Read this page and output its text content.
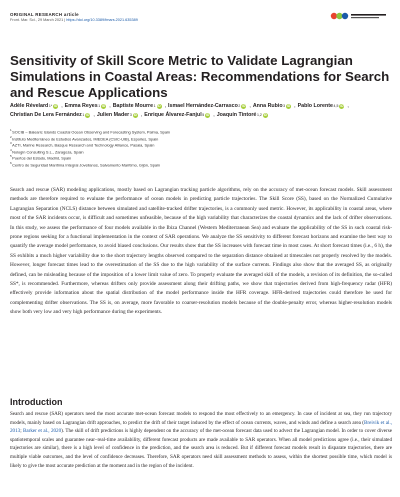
ORIGINAL RESEARCH article
Front. Mar. Sci., 29 March 2021 | https://doi.org/10.3389/fmars.2021.635389
Sensitivity of Skill Score Metric to Validate Lagrangian Simulations in Coastal Areas: Recommendations for Search and Rescue Applications
Adèle Révelard 1* iD , Emma Reyes 1 iD , Baptiste Mourre 1 iD , Ismael Hernández-Carrasco 2 iD , Anna Rubio 3 iD , Pablo Lorente 4,5 iD ,
Christian De Lera Fernández 1 iD , Julien Mader 3 iD , Enrique Álvarez-Fanjul 5 iD , Joaquín Tintoré 1,2 iD
$^1$SOCIB – Balearic Islands Coastal Ocean Observing and Forecasting System, Palma, Spain
$^2$Instituto Mediterráneo de Estudios Avanzados, IMEDEA (CSIC-UIB), Esporles, Spain
$^3$AZTI, Marine Research, Basque Research and Technology Alliance, Pasaia, Spain
$^4$Nologin Consulting S.L., Zaragoza, Spain
$^5$Puertos del Estado, Madrid, Spain
$^6$Centro de Seguridad Marítima Integral Jovellanos, Salvamento Marítimo, Gijón, Spain

Search and rescue (SAR) modeling applications, mostly based on Lagrangian tracking particle algorithms, rely on the accuracy of met-ocean forecast models. Skill assessment methods are therefore required to evaluate the performance of ocean models in predicting particle trajectories. The Skill Score (SS), based on the Normalized Cumulative Lagrangian Separation (NCLS) distance between simulated and satellite-tracked drifter trajectories, is a commonly used metric. However, its applicability in coastal areas, where most of the SAR incidents occur, is difficult and sometimes unfeasible, because of the high variability that characterizes the coastal dynamics and the lack of drifter observations. In this study, we assess the performance of four models available in the Ibiza Channel (Western Mediterranean Sea) and evaluate the applicability of the SS in such coastal risk-prone regions seeking for a functional implementation in the context of SAR operations. We analyze the SS sensitivity to different forecast horizons and examine the best way to quantify the average model performance, to avoid biased conclusions. Our results show that the SS increases with forecast time in most cases. At short forecast times (i.e., 6 h), the SS exhibits a much higher variability due to the short trajectory lengths observed compared to the separation distance obtained at timescales not properly resolved by the models. However, longer forecast times lead to the overestimation of the SS due to the high variability of the surface currents. Findings also show that the averaged SS, as originally defined, can be misleading because of the imposition of a lower limit value of zero. To properly evaluate the averaged skill of the models, a revision of its definition, the so-called SS*, is recommended. Furthermore, whereas drifters only provide assessment along their drifting paths, we show that trajectories derived from high-frequency radar (HFR) effectively provide information about the spatial distribution of the model performance inside the HFR coverage. HFR-derived trajectories could therefore be used for complementing drifter observations. The SS is, on average, more favorable to coarser-resolution models because of the double-penalty error, whereas higher-resolution models show both very low and very high performance during the experiments.

Introduction

Search and rescue (SAR) operators need the most accurate met-ocean forecast models to respond the most effectively to an emergency. In case of incident at sea, they run trajectory models, mainly based on Lagrangian drift approaches, to predict the drift of their target induced by the effect of ocean currents, waves, and winds and define a search area (Breivik et al., 2013; Barker et al., 2020). The skill of drift predictions is highly dependent on the accuracy of the met-ocean forecast data used to advect the Lagrangian model. In order to cover diverse spatiotemporal scales and guarantee near–real-time availability, different forecast products are made available to SAR operators. When all model predictions agree (i.e., their simulated trajectories are similar), there is a high level of confidence in the prediction, and the search area is reduced. But if different forecast models result in disparate trajectories, there are multiple viable outcomes, and the level of confidence decreases. Therefore, SAR operators need skill assessment methods to assess, within the shortest possible time, which model is likely to give the most accurate prediction at the moment and in the region of the incident.
